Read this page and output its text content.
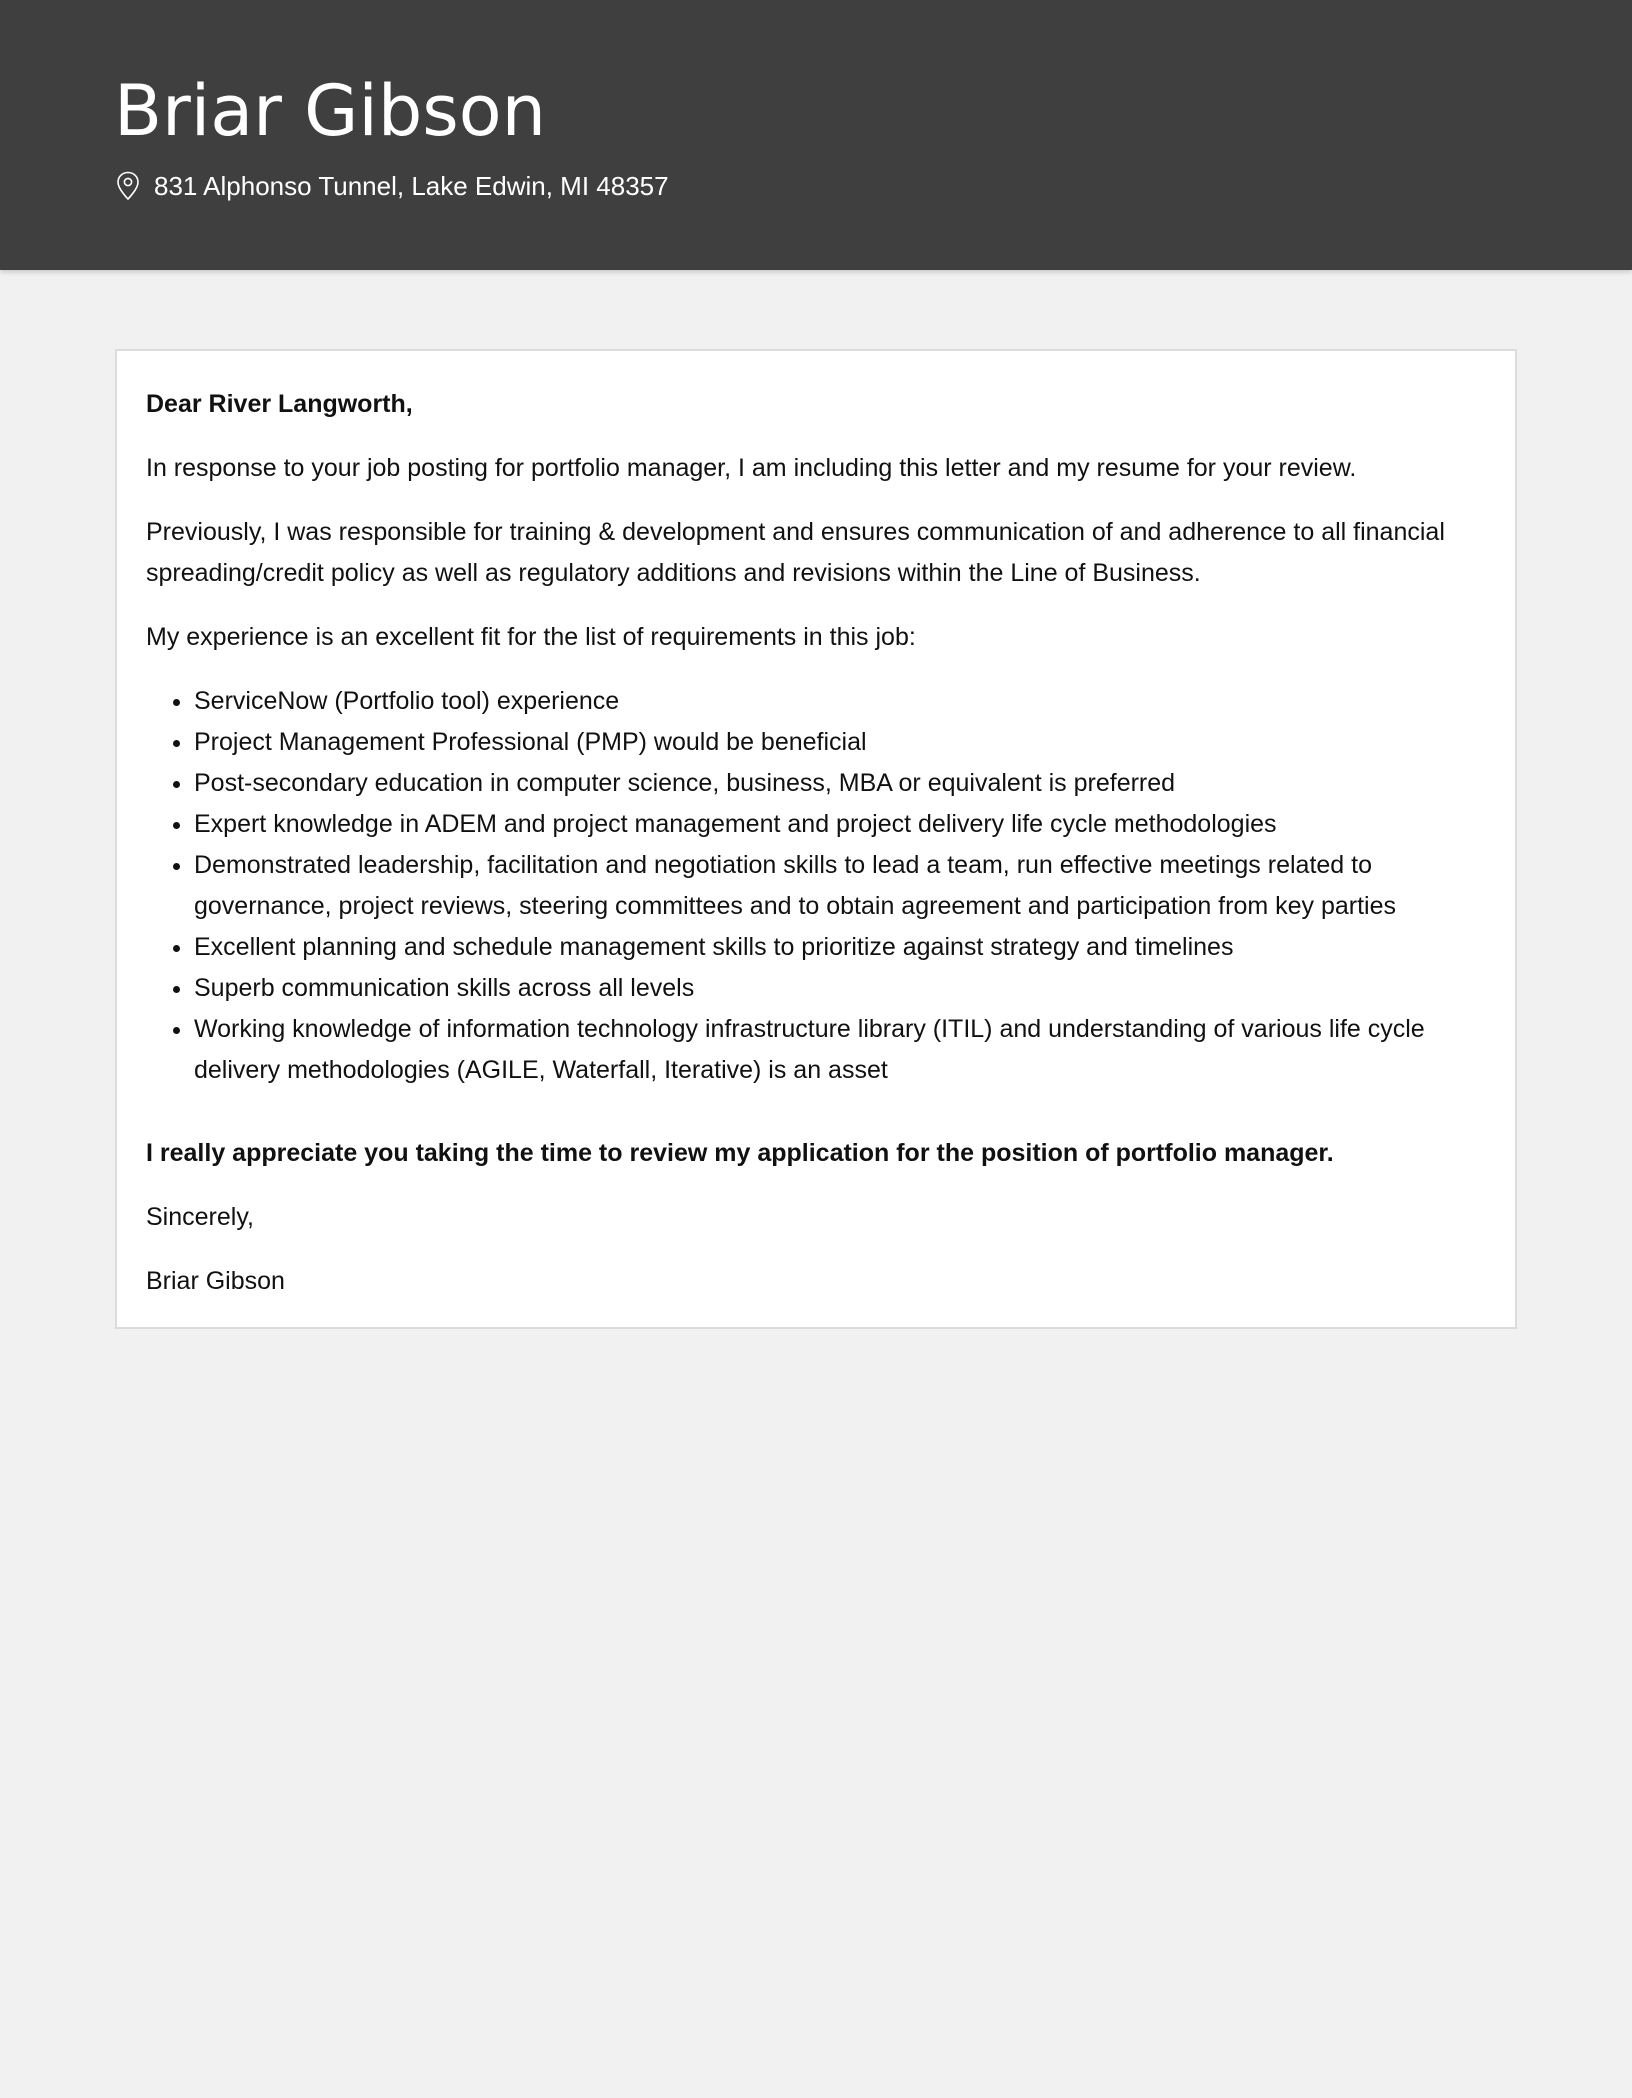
Briar Gibson
831 Alphonso Tunnel, Lake Edwin, MI 48357

Dear River Langworth,

In response to your job posting for portfolio manager, I am including this letter and my resume for your review.

Previously, I was responsible for training & development and ensures communication of and adherence to all financial spreading/credit policy as well as regulatory additions and revisions within the Line of Business.

My experience is an excellent fit for the list of requirements in this job:

• ServiceNow (Portfolio tool) experience
• Project Management Professional (PMP) would be beneficial
• Post-secondary education in computer science, business, MBA or equivalent is preferred
• Expert knowledge in ADEM and project management and project delivery life cycle methodologies
• Demonstrated leadership, facilitation and negotiation skills to lead a team, run effective meetings related to governance, project reviews, steering committees and to obtain agreement and participation from key parties
• Excellent planning and schedule management skills to prioritize against strategy and timelines
• Superb communication skills across all levels
• Working knowledge of information technology infrastructure library (ITIL) and understanding of various life cycle delivery methodologies (AGILE, Waterfall, Iterative) is an asset

I really appreciate you taking the time to review my application for the position of portfolio manager.

Sincerely,

Briar Gibson
